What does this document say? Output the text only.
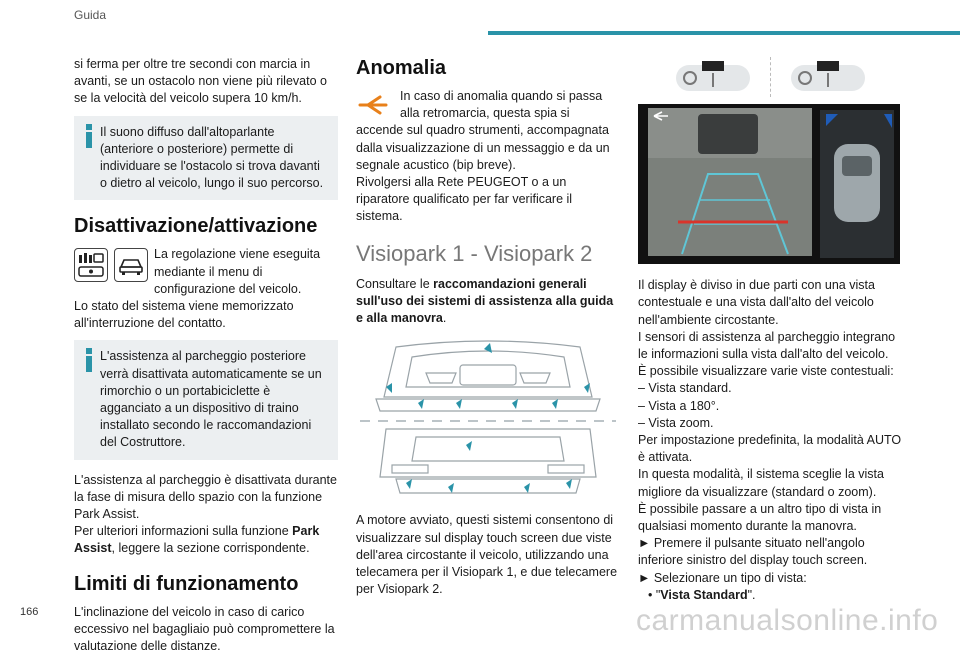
Guida

si ferma per oltre tre secondi con marcia in avanti, se un ostacolo non viene più rilevato o se la velocità del veicolo supera 10 km/h.

Il suono diffuso dall'altoparlante (anteriore o posteriore) permette di individuare se l'ostacolo si trova davanti o dietro al veicolo, lungo il suo percorso.

Disattivazione/attivazione

La regolazione viene eseguita mediante il menu di configurazione del veicolo.

Lo stato del sistema viene memorizzato all'interruzione del contatto.

L'assistenza al parcheggio posteriore verrà disattivata automaticamente se un rimorchio o un portabiciclette è agganciato a un dispositivo di traino installato secondo le raccomandazioni del Costruttore.

L'assistenza al parcheggio è disattivata durante la fase di misura dello spazio con la funzione Park Assist.

Per ulteriori informazioni sulla funzione Park Assist, leggere la sezione corrispondente.

Limiti di funzionamento

L'inclinazione del veicolo in caso di carico eccessivo nel bagagliaio può compromettere la valutazione delle distanze.

Anomalia

In caso di anomalia quando si passa alla retromarcia, questa spia si accende sul quadro strumenti, accompagnata dalla visualizzazione di un messaggio e da un segnale acustico (bip breve).

Rivolgersi alla Rete PEUGEOT o a un riparatore qualificato per far verificare il sistema.

Visiopark 1 - Visiopark 2

Consultare le raccomandazioni generali sull'uso dei sistemi di assistenza alla guida e alla manovra.

A motore avviato, questi sistemi consentono di visualizzare sul display touch screen due viste dell'area circostante il veicolo, utilizzando una telecamera per il Visiopark 1, e due telecamere per Visiopark 2.

Il display è diviso in due parti con una vista contestuale e una vista dall'alto del veicolo nell'ambiente circostante.

I sensori di assistenza al parcheggio integrano le informazioni sulla vista dall'alto del veicolo.

È possibile visualizzare varie viste contestuali:

– Vista standard.

– Vista a 180°.

– Vista zoom.

Per impostazione predefinita, la modalità AUTO è attivata.

In questa modalità, il sistema sceglie la vista migliore da visualizzare (standard o zoom).

È possibile passare a un altro tipo di vista in qualsiasi momento durante la manovra.

► Premere il pulsante situato nell'angolo inferiore sinistro del display touch screen.

► Selezionare un tipo di vista:

• "Vista Standard".

166	carmanualsonline.info
